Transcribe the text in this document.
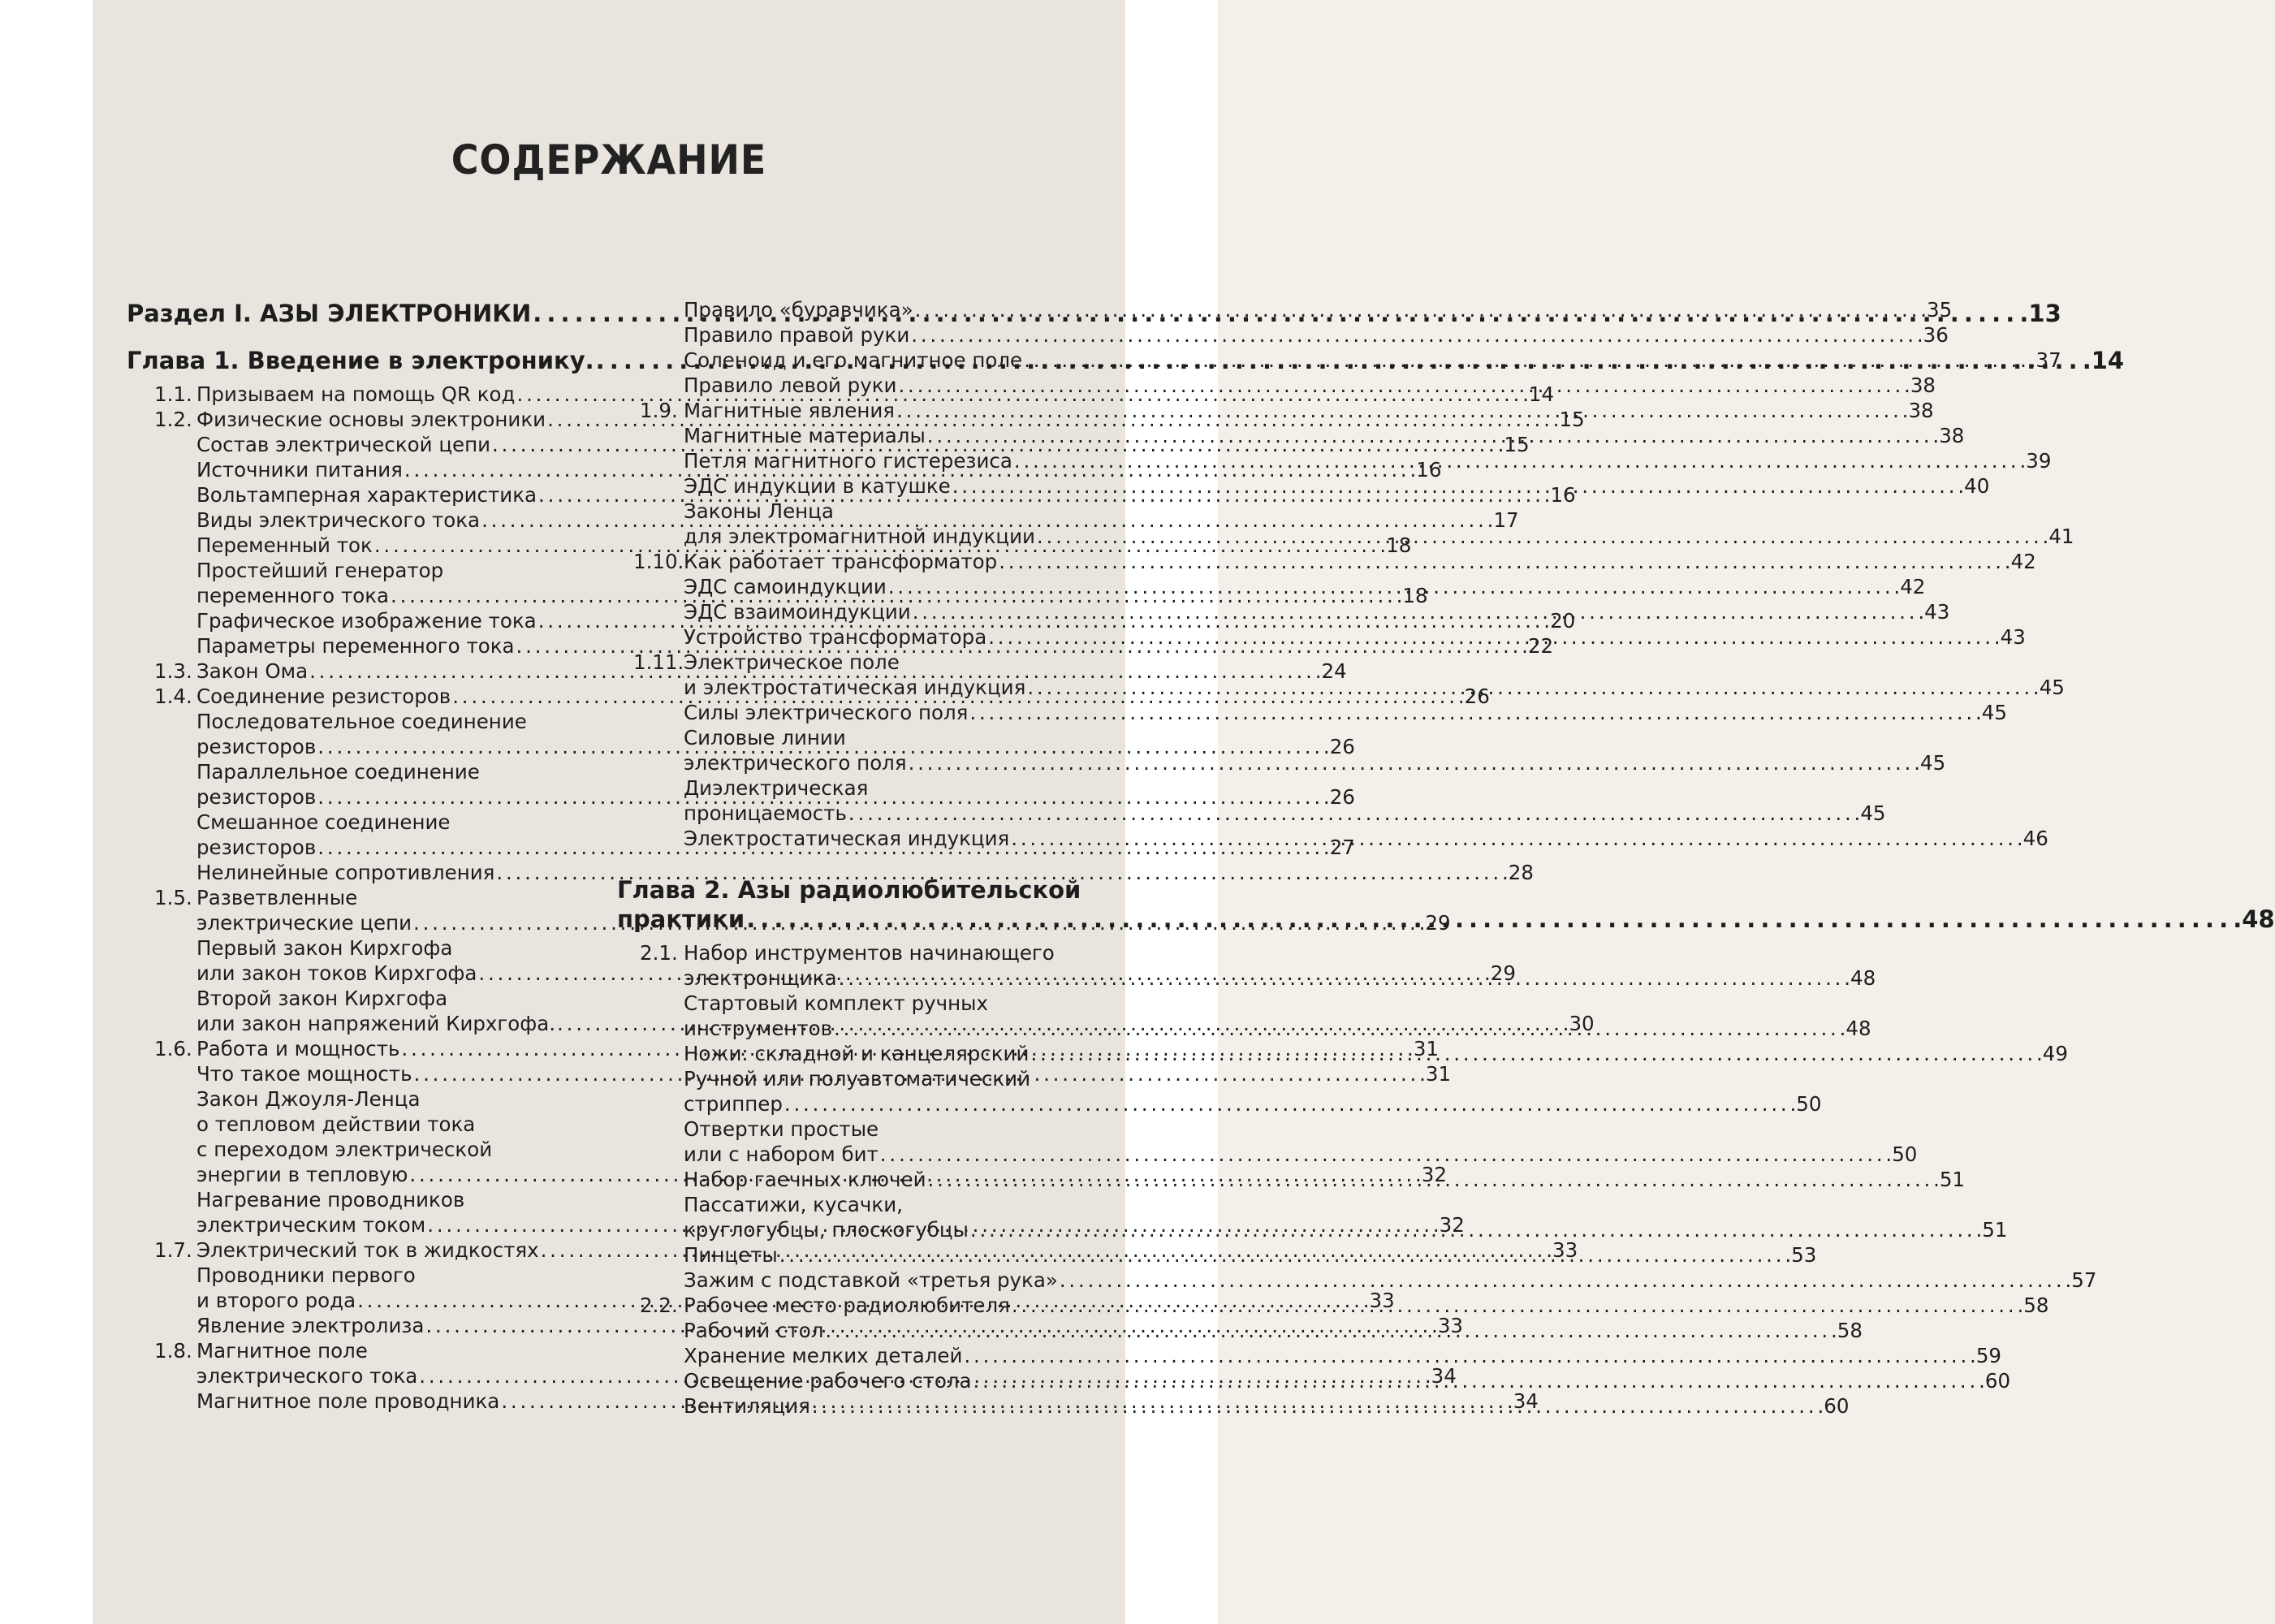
СОДЕРЖАНИЕ
Раздел I. АЗЫ ЭЛЕКТРОНИКИ . . .	13
Глава 1. Введение в электронику. . . .	14
1.1. Призываем на помощь QR код . . .	14
1.2. Физические основы электроники . . .	15
Состав электрической цепи . . .	15
Источники питания . . .	16
Вольтамперная характеристика . . .	16
Виды электрического тока . . .	17
Переменный ток . . .	18
Простейший генератор
переменного тока . . .	18
Графическое изображение тока . . .	20
Параметры переменного тока . . .	22
1.3. Закон Ома . . .	24
1.4. Соединение резисторов . . .	26
Последовательное соединение
резисторов . . .	26
Параллельное соединение
резисторов . . .	26
Смешанное соединение
резисторов . . .	27
Нелинейные сопротивления . . .	28
1.5. Разветвленные
электрические цепи . . .	29
Первый закон Кирхгофа
или закон токов Кирхгофа . . .	29
Второй закон Кирхгофа
или закон напряжений Кирхгофа. . . .	30
1.6. Работа и мощность . . .	31
Что такое мощность . . .	31
Закон Джоуля-Ленца
о тепловом действии тока
с переходом электрической
энергии в тепловую . . .	32
Нагревание проводников
электрическим током . . .	32
1.7. Электрический ток в жидкостях . . .	33
Проводники первого
и второго рода . . .	33
Явление электролиза . . .	33
1.8. Магнитное поле
электрического тока . . .	34
Магнитное поле проводника . . .	34
Правило «буравчика» . . .	35
Правило правой руки . . .	36
Соленоид и его магнитное поле . . .	37
Правило левой руки . . .	38
1.9. Магнитные явления . . .	38
Магнитные материалы . . .	38
Петля магнитного гистерезиса . . .	39
ЭДС индукции в катушке . . .	40
Законы Ленца
для электромагнитной индукции . . .	41
1.10. Как работает трансформатор . . .	42
ЭДС самоиндукции . . .	42
ЭДС взаимоиндукции . . .	43
Устройство трансформатора . . .	43
1.11. Электрическое поле
и электростатическая индукция . . .	45
Силы электрического поля . . .	45
Силовые линии
электрического поля . . .	45
Диэлектрическая
проницаемость . . .	45
Электростатическая индукция . . .	46
Глава 2. Азы радиолюбительской
практики . . .	48
2.1. Набор инструментов начинающего
электронщика . . .	48
Стартовый комплект ручных
инструментов . . .	48
Ножи: складной и канцелярский . . .	49
Ручной или полуавтоматический
стриппер . . .	50
Отвертки простые
или с набором бит . . .	50
Набор гаечных ключей . . .	51
Пассатижи, кусачки,
круглогубцы, плоскогубцы . . .	51
Пинцеты . . .	53
Зажим с подставкой «третья рука» . . .	57
2.2. Рабочее место радиолюбителя . . .	58
Рабочий стол . . .	58
Хранение мелких деталей . . .	59
Освещение рабочего стола . . .	60
Вентиляция . . .	60
